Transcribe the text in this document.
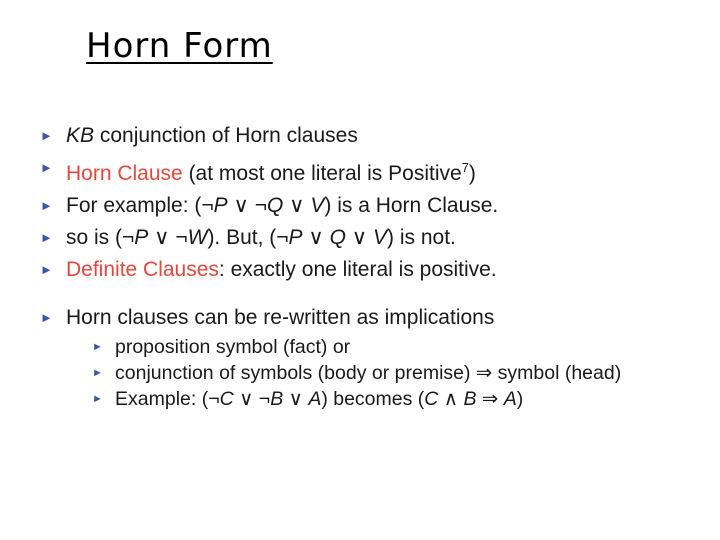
Horn Form
► KB conjunction of Horn clauses
► Horn Clause (at most one literal is Positive$^7$)
► For example: (¬P ∨ ¬Q ∨ V) is a Horn Clause.
► so is (¬P ∨ ¬W). But, (¬P ∨ Q ∨ V) is not.
► Definite Clauses: exactly one literal is positive.
► Horn clauses can be re-written as implications
► proposition symbol (fact) or
► conjunction of symbols (body or premise) ⇒ symbol (head)
► Example: (¬C ∨ ¬B ∨ A) becomes (C ∧ B ⇒ A)
